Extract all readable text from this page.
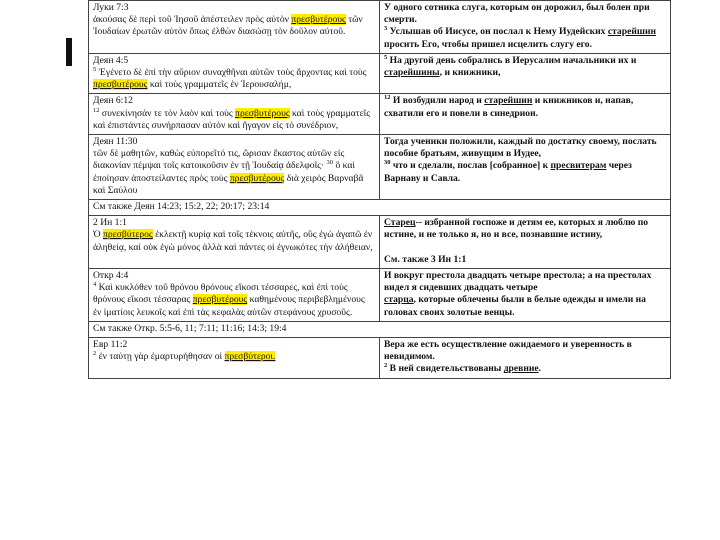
Луки 7:3
ἀκούσας δὲ περὶ τοῦ Ἰησοῦ ἀπέστειλεν πρὸς αὐτὸν πρεσβυτέρους τῶν Ἰουδαίων ἐρωτῶν αὐτὸν ὅπως ἐλθὼν διασώσῃ τὸν δοῦλον αὐτοῦ.	У одного сотника слуга, которым он дорожил, был болен при смерти.
$^3$ Услышав об Иисусе, он послал к Нему Иудейских старейшин просить Его, чтобы пришел исцелить слугу его.

Деян 4:5
$^5$ Ἐγένετο δὲ ἐπὶ τὴν αὔριον συναχθῆναι αὐτῶν τοὺς ἄρχοντας καὶ τοὺς πρεσβυτέρους καὶ τοὺς γραμματεῖς ἐν Ἱερουσαλήμ,	$^5$ На другой день собрались в Иерусалим начальники их и старейшины, и книжники,

Деян 6:12
$^{12}$ συνεκίνησάν τε τὸν λαὸν καὶ τοὺς πρεσβυτέρους καὶ τοὺς γραμματεῖς καὶ ἐπιστάντες συνήρπασαν αὐτὸν καὶ ἤγαγον εἰς τὸ συνέδριον,	$^{12}$ И возбудили народ и старейшин и книжников и, напав, схватили его и повели в синедрион.

Деян 11:30
τῶν δὲ μαθητῶν, καθὼς εὐπορεῖτό τις, ὥρισαν ἕκαστος αὐτῶν εἰς διακονίαν πέμψαι τοῖς κατοικοῦσιν ἐν τῇ Ἰουδαίᾳ ἀδελφοῖς· $^{30}$ ὃ καὶ ἐποίησαν ἀποστείλαντες πρὸς τοὺς πρεσβυτέρους διὰ χειρὸς Βαρναβᾶ καὶ Σαύλου	Тогда ученики положили, каждый по достатку своему, послать пособие братьям, живущим в Иудее,
$^{30}$ что и сделали, послав [собранное] к пресвитерам через Варнаву и Савла.
См также Деян 14:23; 15:2, 22; 20:17; 23:14	

2 Ин 1:1
Ὁ πρεσβύτερος ἐκλεκτῇ κυρίᾳ καὶ τοῖς τέκνοις αὐτῆς, οὓς ἐγὼ ἀγαπῶ ἐν ἀληθείᾳ, καὶ οὐκ ἐγὼ μόνος ἀλλὰ καὶ πάντες οἱ ἐγνωκότες τὴν ἀλήθειαν,	Старец-- избранной госпоже и детям ее, которых я люблю по истине, и не только я, но и все, познавшие истину,

См. также 3 Ин 1:1

Откр 4:4
$^4$ Καὶ κυκλόθεν τοῦ θρόνου θρόνους εἴκοσι τέσσαρες, καὶ ἐπὶ τοὺς θρόνους εἴκοσι τέσσαρας πρεσβυτέρους καθημένους περιβεβλημένους ἐν ἱματίοις λευκοῖς καὶ ἐπὶ τὰς κεφαλὰς αὐτῶν στεφάνους χρυσοῦς.	И вокруг престола двадцать четыре престола; а на престолах видел я сидевших двадцать четыре
старца, которые облечены были в белые одежды и имели на головах своих золотые венцы.
См также Откр. 5:5-6, 11; 7:11; 11:16; 14:3; 19:4	

Евр 11:2
$^2$ ἐν ταύτῃ γὰρ ἐμαρτυρήθησαν οἱ πρεσβύτεροι.	Вера же есть осуществление ожидаемого и уверенность в невидимом.
$^2$ В ней свидетельствованы древние.
